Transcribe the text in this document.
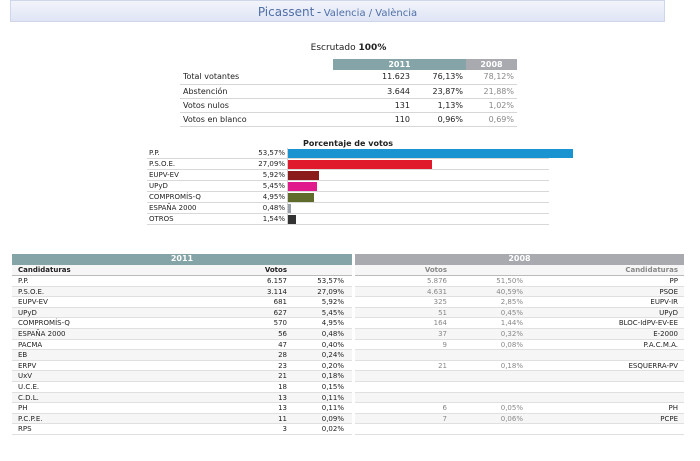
Picassent - Valencia / València
Escrutado 100%
	2011		2008
Total votantes	11.623	76,13%	78,12%
Abstención	3.644	23,87%	21,88%
Votos nulos	131	1,13%	1,02%
Votos en blanco	110	0,96%	0,69%
Porcentaje de votos
P.P.	53,57%
P.S.O.E.	27,09%
EUPV-EV	5,92%
UPyD	5,45%
COMPROMÍS-Q	4,95%
ESPAÑA 2000	0,48%
OTROS	1,54%
2011
Candidaturas	Votos
P.P.	6.157	53,57%
P.S.O.E.	3.114	27,09%
EUPV-EV	681	5,92%
UPyD	627	5,45%
COMPROMÍS-Q	570	4,95%
ESPAÑA 2000	56	0,48%
PACMA	47	0,40%
EB	28	0,24%
ERPV	23	0,20%
UxV	21	0,18%
U.C.E.	18	0,15%
C.D.L.	13	0,11%
PH	13	0,11%
P.C.P.E.	11	0,09%
RPS	3	0,02%
2008
Votos	Candidaturas
5.876	51,50%	PP
4.631	40,59%	PSOE
325	2,85%	EUPV-IR
51	0,45%	UPyD
164	1,44%	BLOC-IdPV-EV-EE
37	0,32%	E-2000
9	0,08%	P.A.C.M.A.
21	0,18%	ESQUERRA-PV
6	0,05%	PH
7	0,06%	PCPE
